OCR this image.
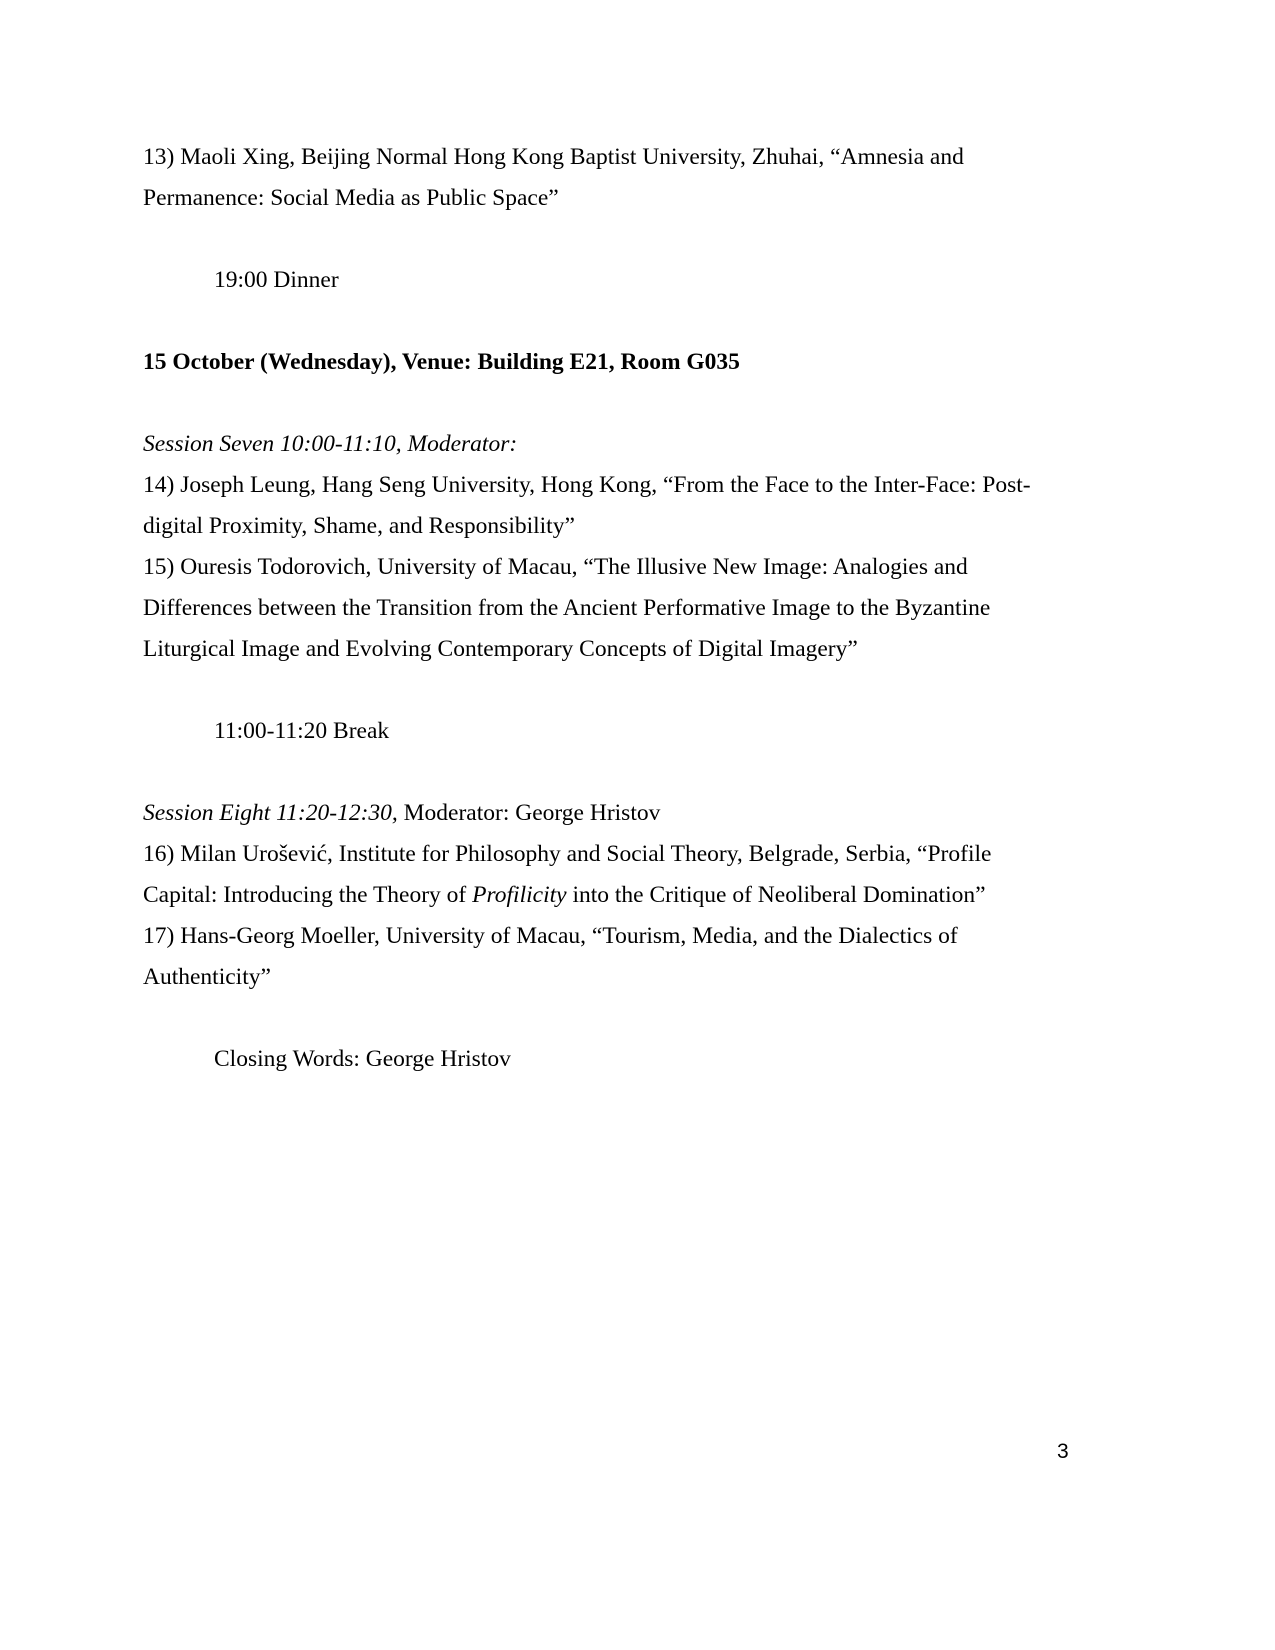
13) Maoli Xing, Beijing Normal Hong Kong Baptist University, Zhuhai, “Amnesia and Permanence: Social Media as Public Space”

19:00 Dinner

15 October (Wednesday), Venue: Building E21, Room G035

Session Seven 10:00-11:10, Moderator:

14) Joseph Leung, Hang Seng University, Hong Kong, “From the Face to the Inter-Face: Post-digital Proximity, Shame, and Responsibility”

15) Ouresis Todorovich, University of Macau, “The Illusive New Image: Analogies and Differences between the Transition from the Ancient Performative Image to the Byzantine Liturgical Image and Evolving Contemporary Concepts of Digital Imagery”

11:00-11:20 Break

Session Eight 11:20-12:30, Moderator: George Hristov

16) Milan Urošević, Institute for Philosophy and Social Theory, Belgrade, Serbia, “Profile Capital: Introducing the Theory of Profilicity into the Critique of Neoliberal Domination”

17) Hans-Georg Moeller, University of Macau, “Tourism, Media, and the Dialectics of Authenticity”

Closing Words: George Hristov

3
